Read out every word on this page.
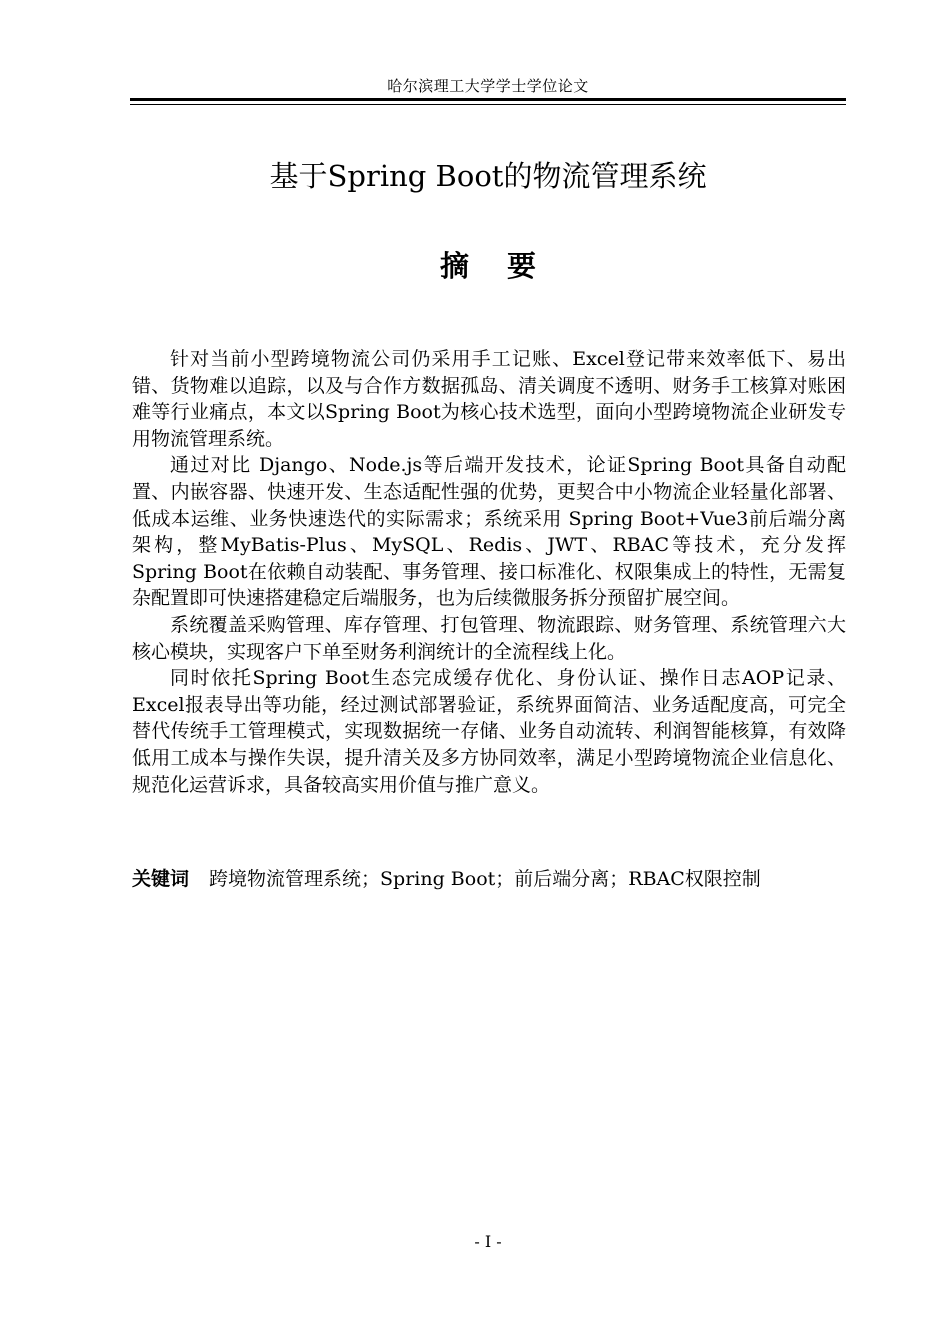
哈尔滨理工大学学士学位论文
基于Spring Boot的物流管理系统
摘要

针对当前小型跨境物流公司仍采用手工记账、Excel登记带来效率低下、易出错、货物难以追踪，以及与合作方数据孤岛、清关调度不透明、财务手工核算对账困难等行业痛点，本文以Spring Boot为核心技术选型，面向小型跨境物流企业研发专用物流管理系统。

通过对比 Django、Node.js等后端开发技术，论证Spring Boot具备自动配置、内嵌容器、快速开发、生态适配性强的优势，更契合中小物流企业轻量化部署、低成本运维、业务快速迭代的实际需求；系统采用 Spring Boot+Vue3前后端分离架构，整MyBatis-Plus、MySQL、Redis、JWT、RBAC等技术，充分发挥Spring Boot在依赖自动装配、事务管理、接口标准化、权限集成上的特性，无需复杂配置即可快速搭建稳定后端服务，也为后续微服务拆分预留扩展空间。

系统覆盖采购管理、库存管理、打包管理、物流跟踪、财务管理、系统管理六大核心模块，实现客户下单至财务利润统计的全流程线上化。

同时依托Spring Boot生态完成缓存优化、身份认证、操作日志AOP记录、Excel报表导出等功能，经过测试部署验证，系统界面简洁、业务适配度高，可完全替代传统手工管理模式，实现数据统一存储、业务自动流转、利润智能核算，有效降低用工成本与操作失误，提升清关及多方协同效率，满足小型跨境物流企业信息化、规范化运营诉求，具备较高实用价值与推广意义。

关键词 跨境物流管理系统；Spring Boot；前后端分离；RBAC权限控制
- I -
